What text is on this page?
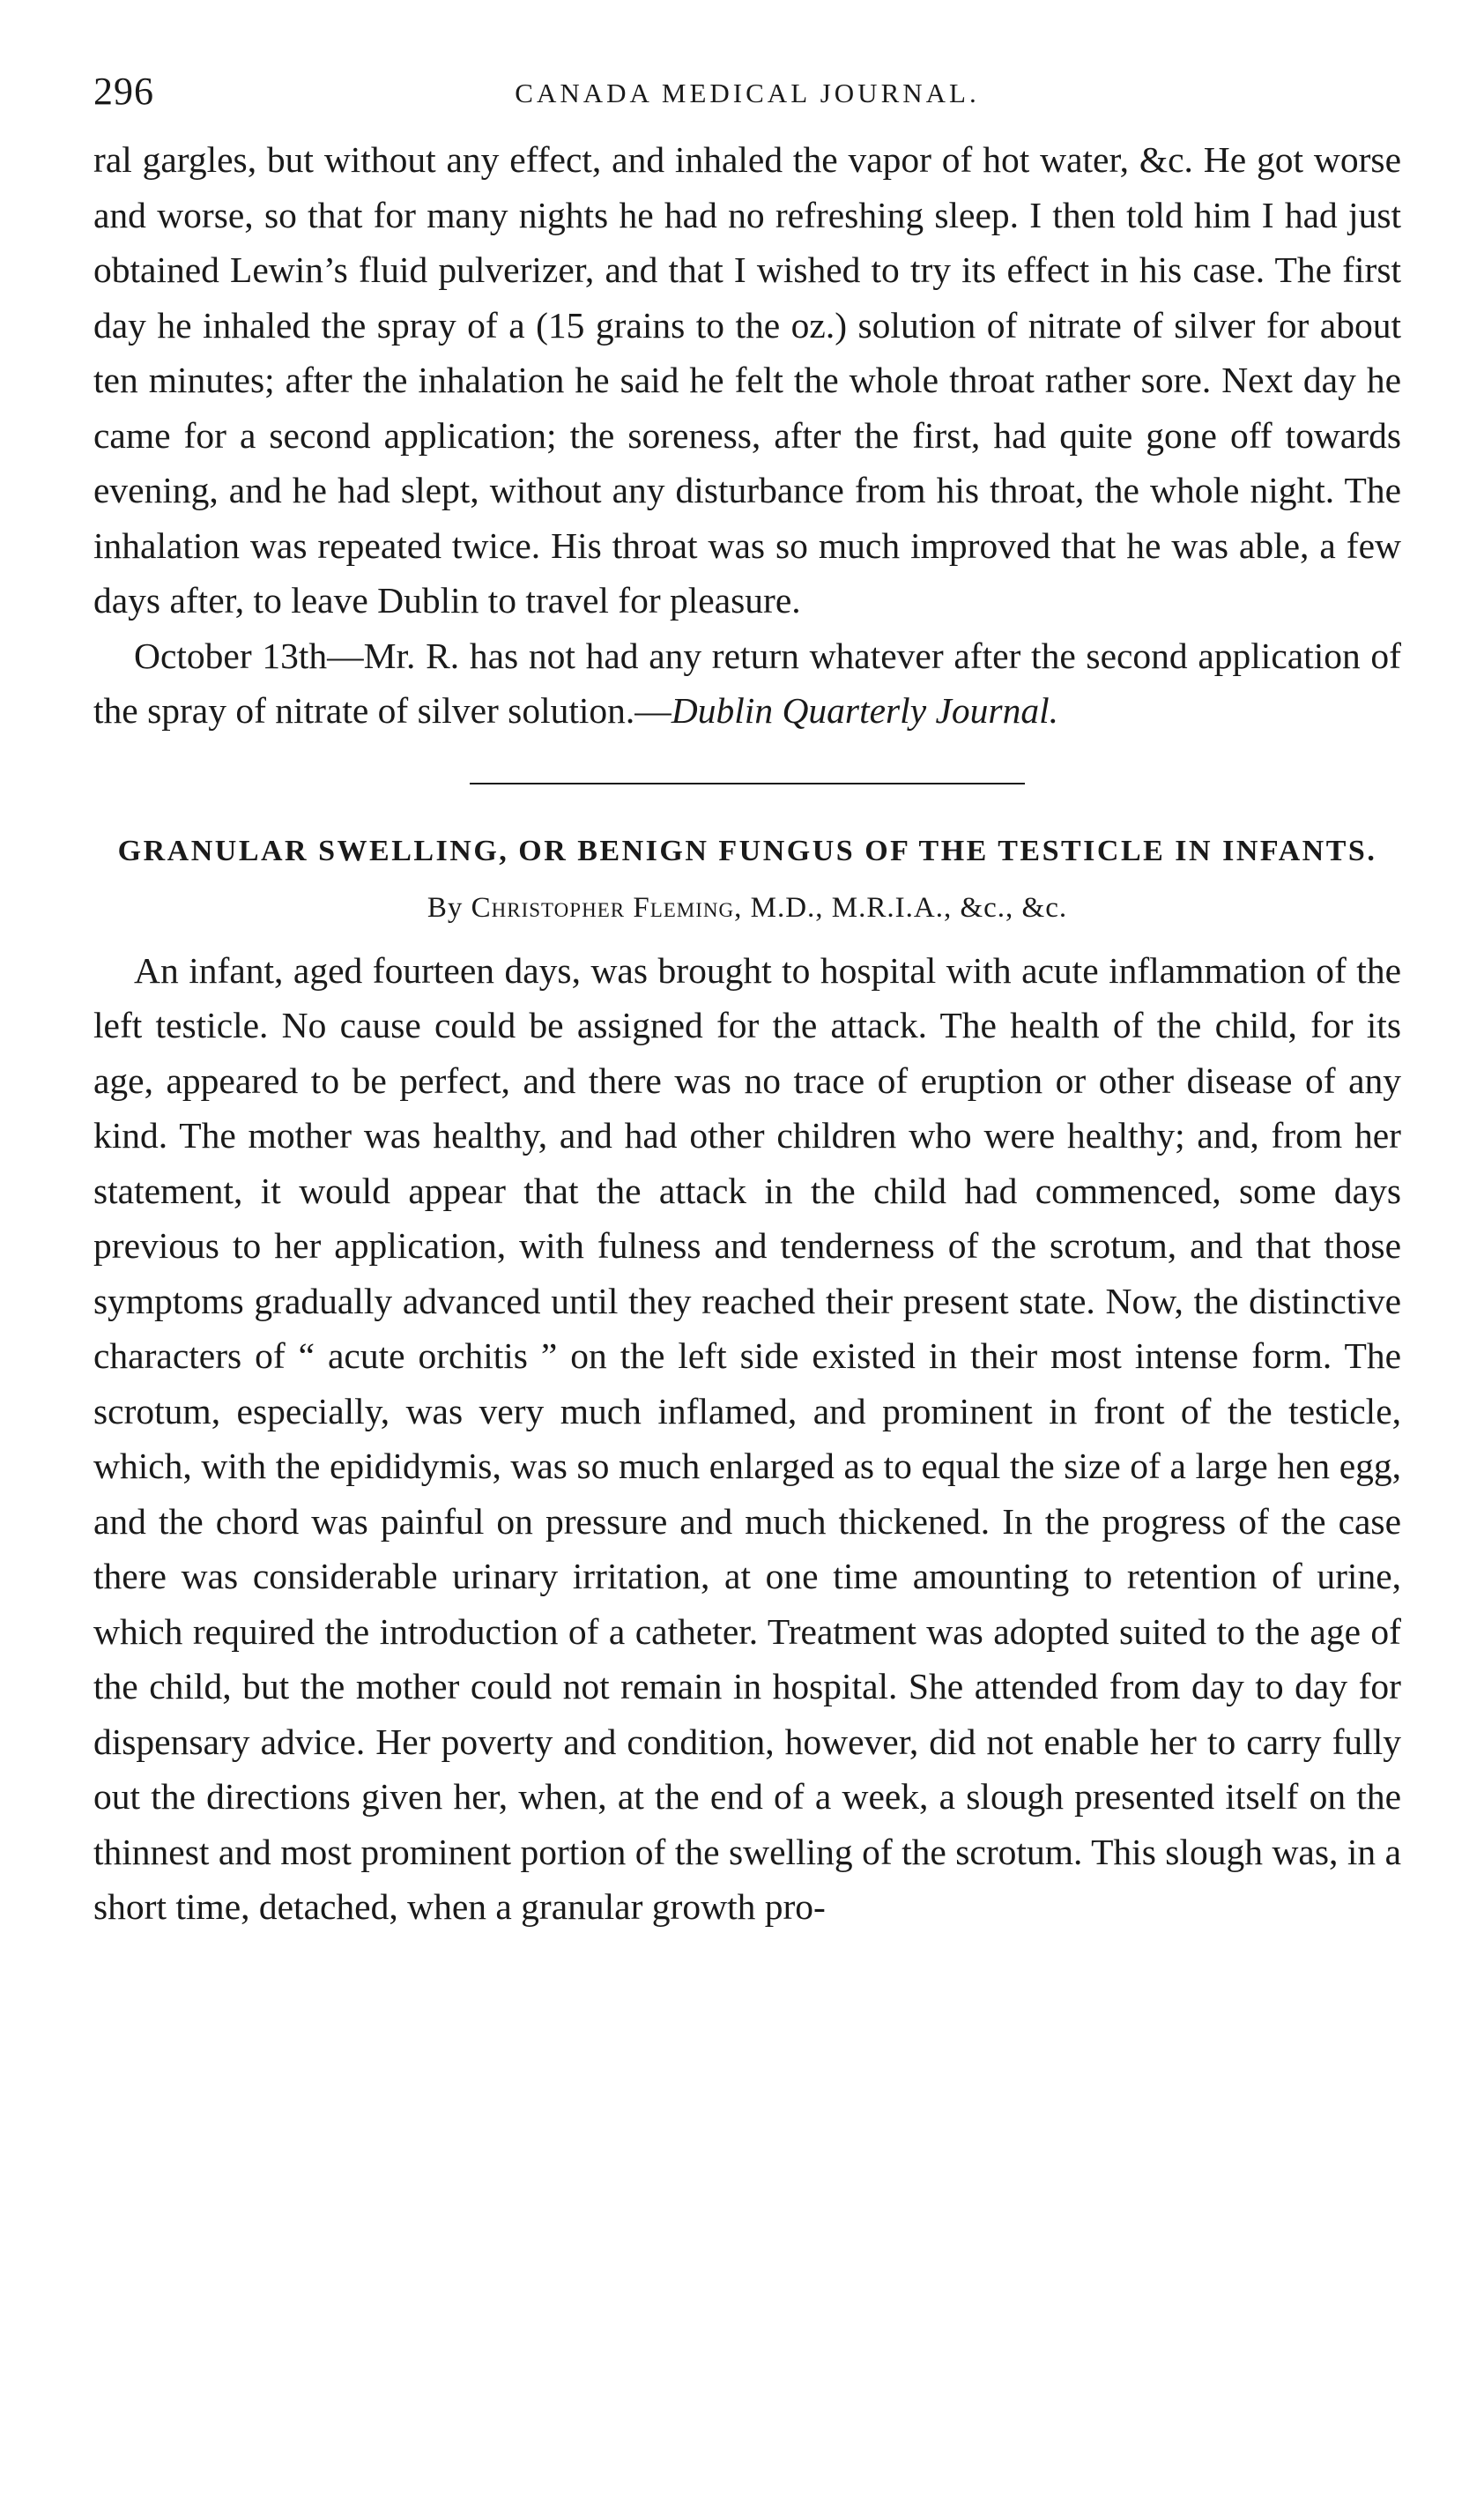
296	CANADA MEDICAL JOURNAL.

ral gargles, but without any effect, and inhaled the vapor of hot water, &c. He got worse and worse, so that for many nights he had no refreshing sleep. I then told him I had just obtained Lewin’s fluid pulverizer, and that I wished to try its effect in his case. The first day he inhaled the spray of a (15 grains to the oz.) solution of nitrate of silver for about ten minutes; after the inhalation he said he felt the whole throat rather sore. Next day he came for a second application; the soreness, after the first, had quite gone off towards evening, and he had slept, without any disturbance from his throat, the whole night. The inhalation was repeated twice. His throat was so much improved that he was able, a few days after, to leave Dublin to travel for pleasure.

October 13th—Mr. R. has not had any return whatever after the second application of the spray of nitrate of silver solution.—Dublin Quarterly Journal.

GRANULAR SWELLING, OR BENIGN FUNGUS OF THE TESTICLE IN INFANTS.

By Christopher Fleming, M.D., M.R.I.A., &c., &c.

An infant, aged fourteen days, was brought to hospital with acute inflammation of the left testicle. No cause could be assigned for the attack. The health of the child, for its age, appeared to be perfect, and there was no trace of eruption or other disease of any kind. The mother was healthy, and had other children who were healthy; and, from her statement, it would appear that the attack in the child had commenced, some days previous to her application, with fulness and tenderness of the scrotum, and that those symptoms gradually advanced until they reached their present state. Now, the distinctive characters of “ acute orchitis ” on the left side existed in their most intense form. The scrotum, especially, was very much inflamed, and prominent in front of the testicle, which, with the epididymis, was so much enlarged as to equal the size of a large hen egg, and the chord was painful on pressure and much thickened. In the progress of the case there was considerable urinary irritation, at one time amounting to retention of urine, which required the introduction of a catheter. Treatment was adopted suited to the age of the child, but the mother could not remain in hospital. She attended from day to day for dispensary advice. Her poverty and condition, however, did not enable her to carry fully out the directions given her, when, at the end of a week, a slough presented itself on the thinnest and most prominent portion of the swelling of the scrotum. This slough was, in a short time, detached, when a granular growth pro-
